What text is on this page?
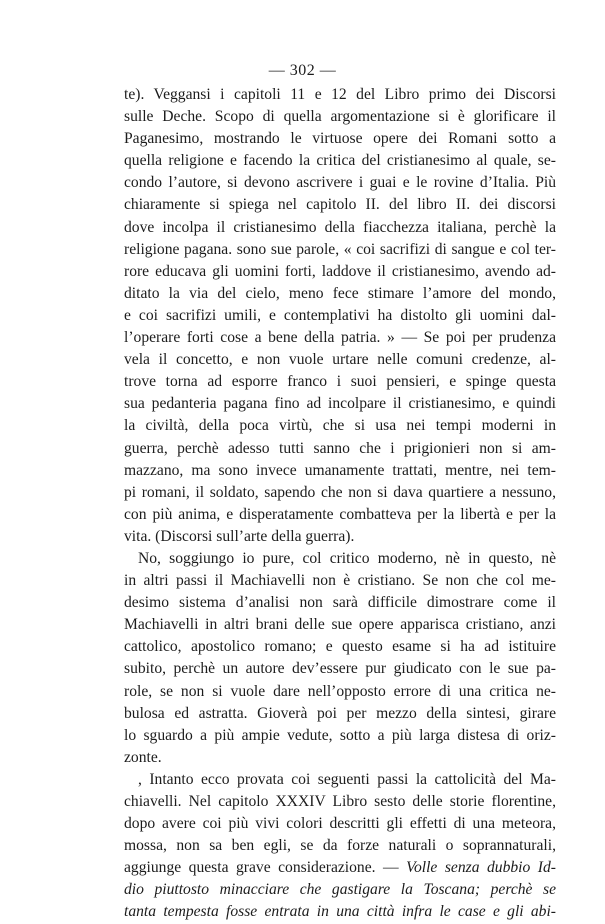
— 302 —
te). Veggansi i capitoli 11 e 12 del Libro primo dei Discorsi
sulle Deche. Scopo di quella argomentazione si è glorificare il
Paganesimo, mostrando le virtuose opere dei Romani sotto a
quella religione e facendo la critica del cristianesimo al quale, se-
condo l’autore, si devono ascrivere i guai e le rovine d’Italia. Più
chiaramente si spiega nel capitolo II. del libro II. dei discorsi
dove incolpa il cristianesimo della fiacchezza italiana, perchè la
religione pagana. sono sue parole, « coi sacrifizi di sangue e col ter-
rore educava gli uomini forti, laddove il cristianesimo, avendo ad-
ditato la via del cielo, meno fece stimare l’amore del mondo,
e coi sacrifizi umili, e contemplativi ha distolto gli uomini dal-
l’operare forti cose a bene della patria. » — Se poi per prudenza
vela il concetto, e non vuole urtare nelle comuni credenze, al-
trove torna ad esporre franco i suoi pensieri, e spinge questa
sua pedanteria pagana fino ad incolpare il cristianesimo, e quindi
la civiltà, della poca virtù, che si usa nei tempi moderni in
guerra, perchè adesso tutti sanno che i prigionieri non si am-
mazzano, ma sono invece umanamente trattati, mentre, nei tem-
pi romani, il soldato, sapendo che non si dava quartiere a nessuno,
con più anima, e disperatamente combatteva per la libertà e per la
vita. (Discorsi sull’arte della guerra).
No, soggiungo io pure, col critico moderno, nè in questo, nè
in altri passi il Machiavelli non è cristiano. Se non che col me-
desimo sistema d’analisi non sarà difficile dimostrare come il
Machiavelli in altri brani delle sue opere apparisca cristiano, anzi
cattolico, apostolico romano; e questo esame si ha ad istituire
subito, perchè un autore dev’essere pur giudicato con le sue pa-
role, se non si vuole dare nell’opposto errore di una critica ne-
bulosa ed astratta. Gioverà poi per mezzo della sintesi, girare
lo sguardo a più ampie vedute, sotto a più larga distesa di oriz-
zonte.
, Intanto ecco provata coi seguenti passi la cattolicità del Ma-
chiavelli. Nel capitolo XXXIV Libro sesto delle storie florentine,
dopo avere coi più vivi colori descritti gli effetti di una meteora,
mossa, non sa ben egli, se da forze naturali o soprannaturali,
aggiunge questa grave considerazione. — Volle senza dubbio Id-
dio piuttosto minacciare che gastigare la Toscana; perchè se
tanta tempesta fosse entrata in una città infra le case e gli abi-
